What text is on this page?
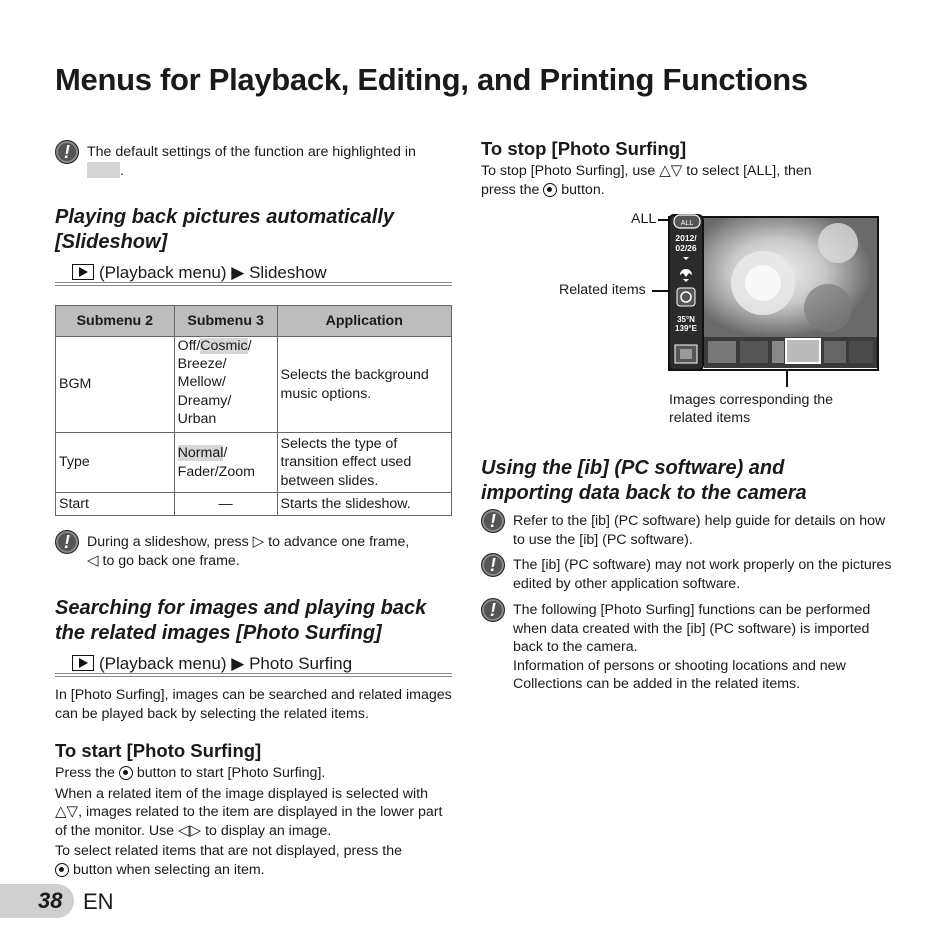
Menus for Playback, Editing, and Printing Functions
!
The default settings of the function are highlighted in
.
Playing back pictures automatically
[Slideshow]
(Playback menu) ▶ Slideshow
Submenu 2	Submenu 3	Application
BGM	Off/Cosmic/
Breeze/
Mellow/
Dreamy/
Urban	Selects the background music options.
Type	Normal/
Fader/Zoom	Selects the type of transition effect used between slides.
Start	—	Starts the slideshow.
!
During a slideshow, press ▷ to advance one frame,
◁ to go back one frame.
Searching for images and playing back
the related images [Photo Surfing]
(Playback menu) ▶ Photo Surfing
In [Photo Surfing], images can be searched and related images can be played back by selecting the related items.
To start [Photo Surfing]
Press the button to start [Photo Surfing].
When a related item of the image displayed is selected with △▽, images related to the item are displayed in the lower part of the monitor. Use ◁▷ to display an image.
To select related items that are not displayed, press the
button when selecting an item.
To stop [Photo Surfing]
To stop [Photo Surfing], use △▽ to select [ALL], then
press the button.
ALL
Related items
Images corresponding the related items
ALL
2012/
02/26
35°N
139°E
Using the [ib] (PC software) and
importing data back to the camera
!
Refer to the [ib] (PC software) help guide for details on how to use the [ib] (PC software).
!
The [ib] (PC software) may not work properly on the pictures edited by other application software.
!
The following [Photo Surfing] functions can be performed when data created with the [ib] (PC software) is imported back to the camera.
Information of persons or shooting locations and new Collections can be added in the related items.
38 EN
